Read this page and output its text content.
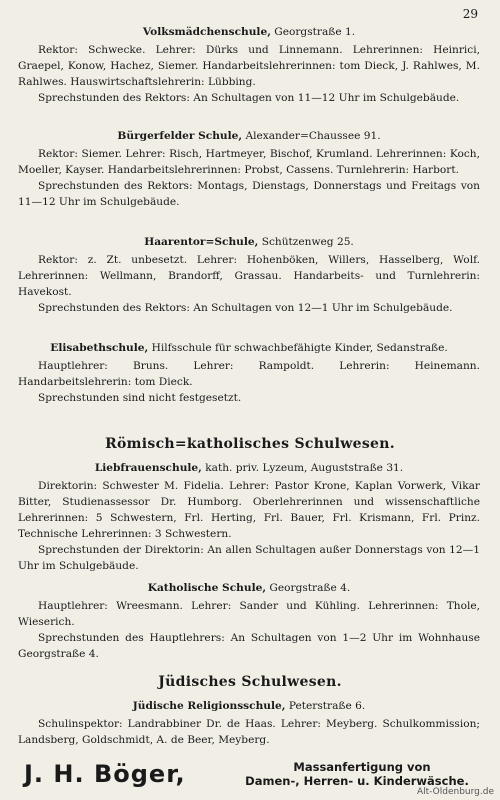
29
Volksmädchenschule, Georgstraße 1.

Rektor: Schwecke. Lehrer: Dürks und Linnemann. Lehrerinnen: Heinrici, Graepel, Konow, Hachez, Siemer. Handarbeitslehrerinnen: tom Dieck, J. Rahlwes, M. Rahlwes. Hauswirtschaftslehrerin: Lübbing.

Sprechstunden des Rektors: An Schultagen von 11—12 Uhr im Schulgebäude.

Bürgerfelder Schule, Alexander=Chaussee 91.

Rektor: Siemer. Lehrer: Risch, Hartmeyer, Bischof, Krumland. Lehrerinnen: Koch, Moeller, Kayser. Handarbeitslehrerinnen: Probst, Cassens. Turnlehrerin: Harbort.

Sprechstunden des Rektors: Montags, Dienstags, Donnerstags und Freitags von 11—12 Uhr im Schulgebäude.

Haarentor=Schule, Schützenweg 25.

Rektor: z. Zt. unbesetzt. Lehrer: Hohenböken, Willers, Hasselberg, Wolf. Lehrerinnen: Wellmann, Brandorff, Grassau. Handarbeits- und Turnlehrerin: Havekost.

Sprechstunden des Rektors: An Schultagen von 12—1 Uhr im Schulgebäude.

Elisabethschule, Hilfsschule für schwachbefähigte Kinder, Sedanstraße.

Hauptlehrer: Bruns. Lehrer: Rampoldt. Lehrerin: Heinemann. Handarbeitslehrerin: tom Dieck.

Sprechstunden sind nicht festgesetzt.

Römisch=katholisches Schulwesen.
Liebfrauenschule, kath. priv. Lyzeum, Auguststraße 31.

Direktorin: Schwester M. Fidelia. Lehrer: Pastor Krone, Kaplan Vorwerk, Vikar Bitter, Studienassessor Dr. Humborg. Oberlehrerinnen und wissenschaftliche Lehrerinnen: 5 Schwestern, Frl. Herting, Frl. Bauer, Frl. Krismann, Frl. Prinz. Technische Lehrerinnen: 3 Schwestern.

Sprechstunden der Direktorin: An allen Schultagen außer Donnerstags von 12—1 Uhr im Schulgebäude.

Katholische Schule, Georgstraße 4.

Hauptlehrer: Wreesmann. Lehrer: Sander und Kühling. Lehrerinnen: Thole, Wieserich.

Sprechstunden des Hauptlehrers: An Schultagen von 1—2 Uhr im Wohnhause Georgstraße 4.

Jüdisches Schulwesen.
Jüdische Religionsschule, Peterstraße 6.

Schulinspektor: Landrabbiner Dr. de Haas. Lehrer: Meyberg. Schulkommission; Landsberg, Goldschmidt, A. de Beer, Meyberg.

J. H. Böger,	Massanfertigung von
Damen-, Herren- u. Kinderwäsche.
Alt-Oldenburg.de
